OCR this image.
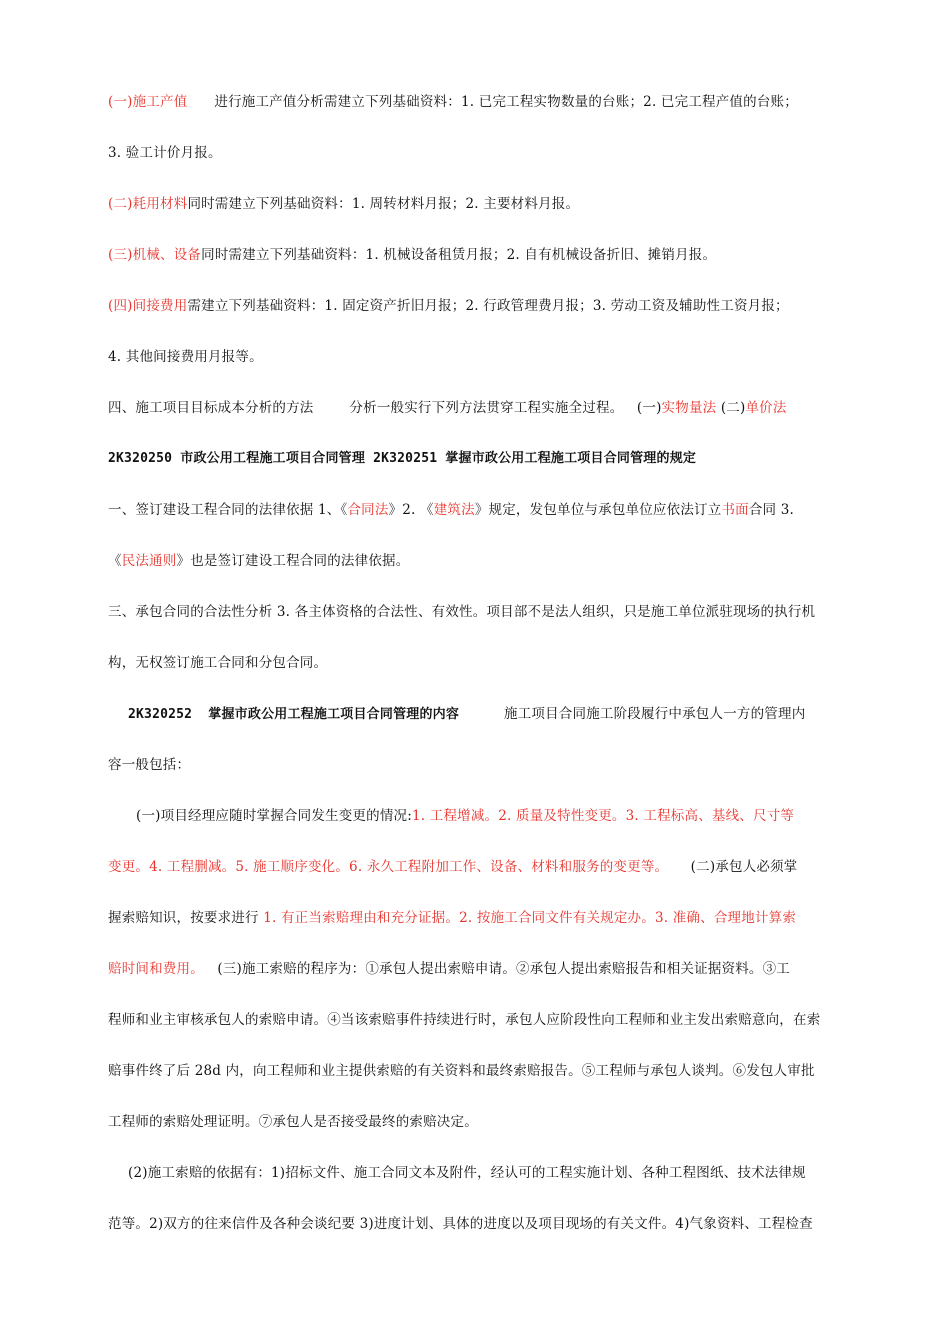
(一)施工产值      进行施工产值分析需建立下列基础资料：1. 已完工程实物数量的台账；2. 已完工程产值的台账；
3. 验工计价月报。
(二)耗用材料同时需建立下列基础资料：1. 周转材料月报；2. 主要材料月报。
(三)机械、设备同时需建立下列基础资料：1. 机械设备租赁月报；2. 自有机械设备折旧、摊销月报。
(四)间接费用需建立下列基础资料：1. 固定资产折旧月报；2. 行政管理费月报；3. 劳动工资及辅助性工资月报；
4. 其他间接费用月报等。
四、施工项目目标成本分析的方法        分析一般实行下列方法贯穿工程实施全过程。   (一)实物量法 (二)单价法
2K320250 市政公用工程施工项目合同管理 2K320251 掌握市政公用工程施工项目合同管理的规定
一、签订建设工程合同的法律依据 1、《合同法》2. 《建筑法》规定，发包单位与承包单位应依法订立书面合同 3.
《民法通则》也是签订建设工程合同的法律依据。
三、承包合同的合法性分析 3. 各主体资格的合法性、有效性。项目部不是法人组织，只是施工单位派驻现场的执行机
构，无权签订施工合同和分包合同。
2K320252  掌握市政公用工程施工项目合同管理的内容          施工项目合同施工阶段履行中承包人一方的管理内
容一般包括：
(一)项目经理应随时掌握合同发生变更的情况:1. 工程增减。2. 质量及特性变更。3. 工程标高、基线、尺寸等
变更。4. 工程删减。5. 施工顺序变化。6. 永久工程附加工作、设备、材料和服务的变更等。     (二)承包人必须掌
握索赔知识，按要求进行 1. 有正当索赔理由和充分证据。2. 按施工合同文件有关规定办。3. 准确、合理地计算索
赔时间和费用。   (三)施工索赔的程序为：①承包人提出索赔申请。②承包人提出索赔报告和相关证据资料。③工
程师和业主审核承包人的索赔申请。④当该索赔事件持续进行时，承包人应阶段性向工程师和业主发出索赔意向，在索
赔事件终了后 28d 内，向工程师和业主提供索赔的有关资料和最终索赔报告。⑤工程师与承包人谈判。⑥发包人审批
工程师的索赔处理证明。⑦承包人是否接受最终的索赔决定。
(2)施工索赔的依据有：1)招标文件、施工合同文本及附件，经认可的工程实施计划、各种工程图纸、技术法律规
范等。2)双方的往来信件及各种会谈纪要 3)进度计划、具体的进度以及项目现场的有关文件。4)气象资料、工程检查
